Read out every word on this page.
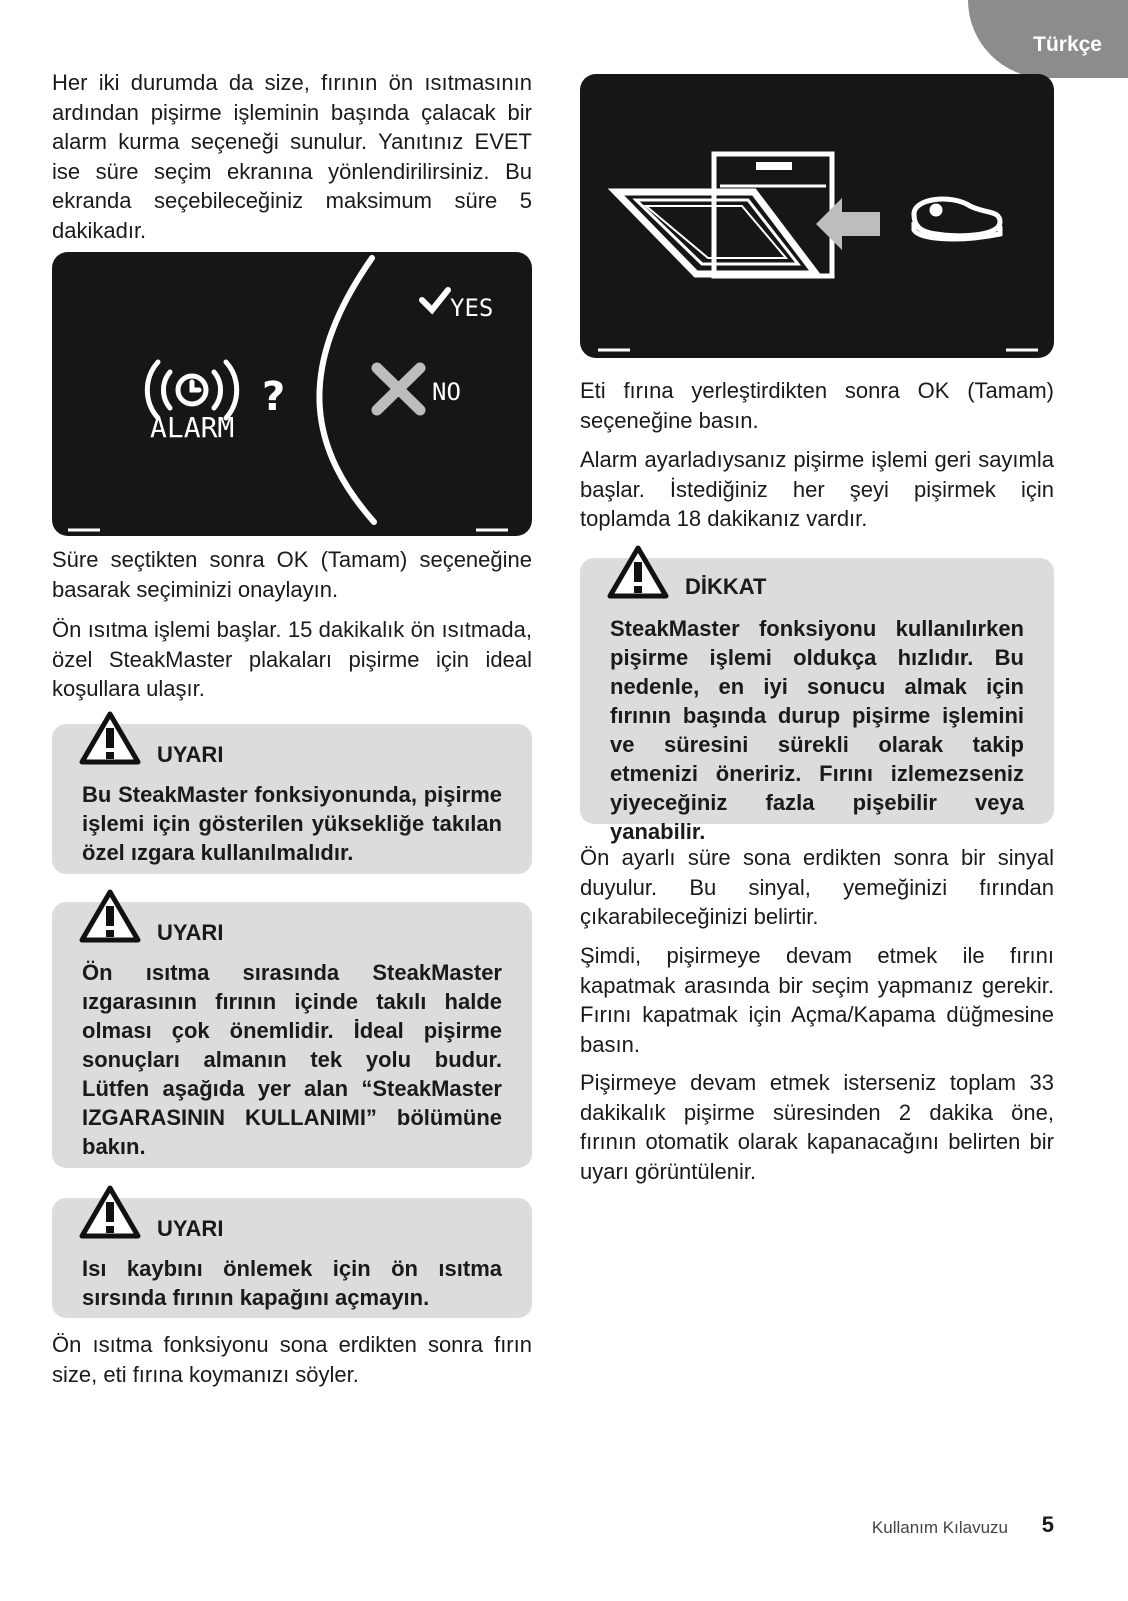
Türkçe

Her iki durumda da size, fırının ön ısıtmasının ardından pişirme işleminin başında çalacak bir alarm kurma seçeneği sunulur. Yanıtınız EVET ise süre seçim ekranına yönlendirilirsiniz. Bu ekranda seçebileceğiniz maksimum süre 5 dakikadır.

ALARM
?
YES
NO

Süre seçtikten sonra OK (Tamam) seçeneğine basarak seçiminizi onaylayın.

Ön ısıtma işlemi başlar. 15 dakikalık ön ısıtmada, özel SteakMaster plakaları pişirme için ideal koşullara ulaşır.

UYARI
Bu SteakMaster fonksiyonunda, pişirme işlemi için gösterilen yüksekliğe takılan özel ızgara kullanılmalıdır.
UYARI
Ön ısıtma sırasında SteakMaster ızgarasının fırının içinde takılı halde olması çok önemlidir. İdeal pişirme sonuçları almanın tek yolu budur. Lütfen aşağıda yer alan “SteakMaster IZGARASININ KULLANIMI” bölümüne bakın.
UYARI
Isı kaybını önlemek için ön ısıtma sırsında fırının kapağını açmayın.

Ön ısıtma fonksiyonu sona erdikten sonra fırın size, eti fırına koymanızı söyler.

Eti fırına yerleştirdikten sonra OK (Tamam) seçeneğine basın.

Alarm ayarladıysanız pişirme işlemi geri sayımla başlar. İstediğiniz her şeyi pişirmek için toplamda 18 dakikanız vardır.

DİKKAT
SteakMaster fonksiyonu kullanılırken pişirme işlemi oldukça hızlıdır. Bu nedenle, en iyi sonucu almak için fırının başında durup pişirme işlemini ve süresini sürekli olarak takip etmenizi öneririz. Fırını izlemezseniz yiyeceğiniz fazla pişebilir veya yanabilir.

Ön ayarlı süre sona erdikten sonra bir sinyal duyulur. Bu sinyal, yemeğinizi fırından çıkarabileceğinizi belirtir.

Şimdi, pişirmeye devam etmek ile fırını kapatmak arasında bir seçim yapmanız gerekir. Fırını kapatmak için Açma/Kapama düğmesine basın.

Pişirmeye devam etmek isterseniz toplam 33 dakikalık pişirme süresinden 2 dakika öne, fırının otomatik olarak kapanacağını belirten bir uyarı görüntülenir.

Kullanım Kılavuzu 5
